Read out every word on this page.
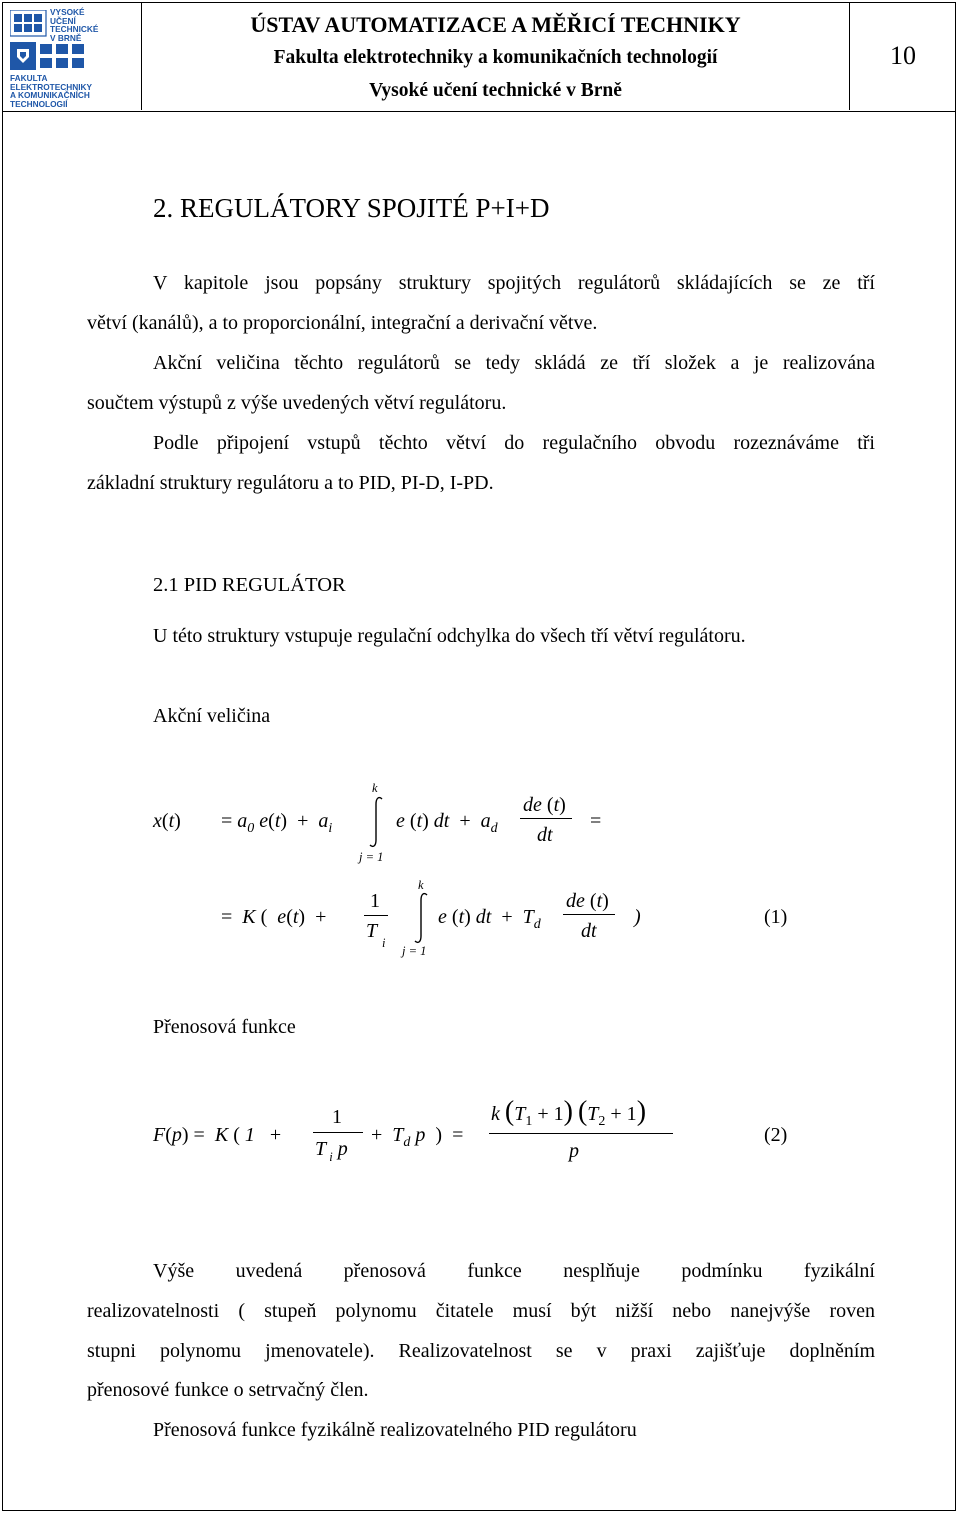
VYSOKÉ
UČENÍ
TECHNICKÉ
V BRNĚ
FAKULTA
ELEKTROTECHNIKY
A KOMUNIKAČNÍCH
TECHNOLOGIÍ
ÚSTAV AUTOMATIZACE A MĚŘICÍ TECHNIKY
Fakulta elektrotechniky a komunikačních technologií
Vysoké učení technické v Brně
10
2. REGULÁTORY SPOJITÉ P+I+D
V kapitole jsou popsány struktury spojitých regulátorů skládajících se ze tří
větví (kanálů), a to proporcionální, integrační a derivační větve.
Akční veličina těchto regulátorů se tedy skládá ze tří složek a je realizována
součtem výstupů z výše uvedených větví regulátoru.
Podle připojení vstupů těchto větví do regulačního obvodu rozeznáváme tři
základní struktury regulátoru a to PID, PI-D, I-PD.
2.1 PID REGULÁTOR
U této struktury vstupuje regulační odchylka do všech tří větví regulátoru.
Akční veličina
$x(t) = a_0$ $e(t) + a_i$
k
j = 1
e (t) dt  +  $a_d$
de (t)
dt
=
=  K (  e(t)  +
1
T
i
k
j = 1
e (t) dt  +  $T_d$
de (t)
dt
)	(1)
Přenosová funkce
F(p) =  K ( 1   +
1
T $_i$ p
+  $T_d$ p  )  =
k $(T_1 + 1) (T_2 + 1)$
p
(2)
Výše uvedená přenosová funkce nesplňuje podmínku fyzikální
realizovatelnosti ( stupeň polynomu čitatele musí být nižší nebo nanejvýše roven
stupni polynomu jmenovatele). Realizovatelnost se v praxi zajišťuje doplněním
přenosové funkce o setrvačný člen.
Přenosová funkce fyzikálně realizovatelného PID regulátoru
